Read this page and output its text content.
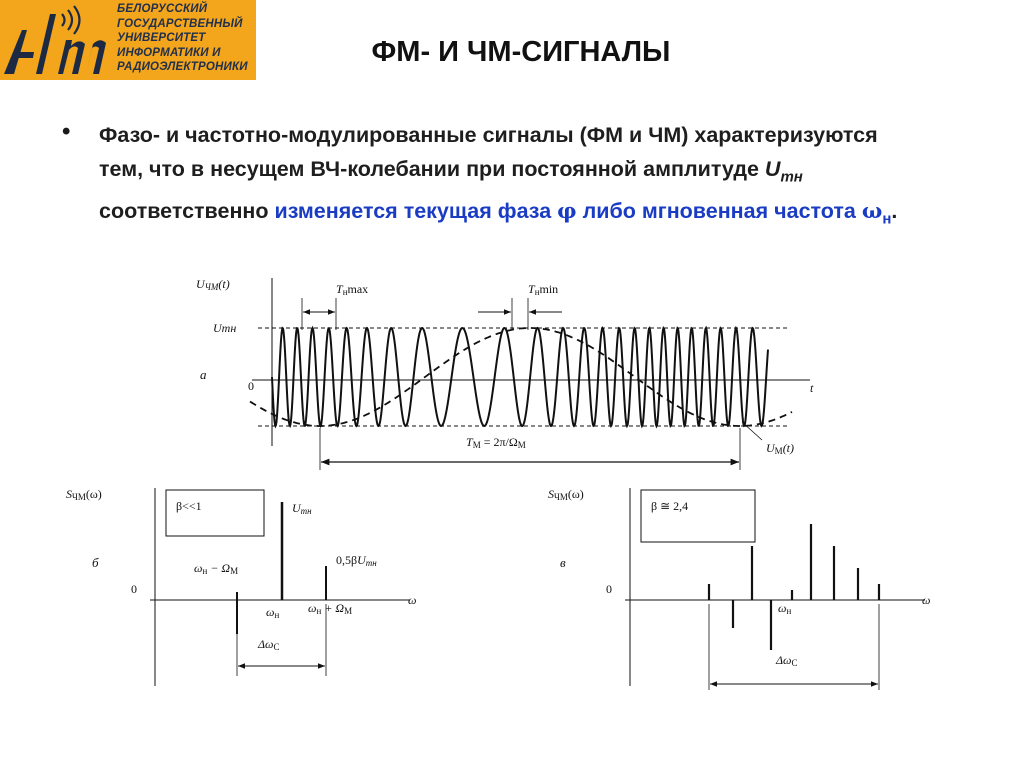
БЕЛОРУССКИЙ
ГОСУДАРСТВЕННЫЙ
УНИВЕРСИТЕТ
ИНФОРМАТИКИ И
РАДИОЭЛЕКТРОНИКИ	ФМ- И ЧМ-СИГНАЛЫ
• Фазо- и частотно-модулированные сигналы (ФМ и ЧМ) характеризуются тем, что в несущем ВЧ-колебании при постоянной амплитуде $U_{mн}$ соответственно изменяется текущая фаза φ либо мгновенная частота $\omega_н$.
UЧМ(t)
Umн
а
0	t
Tнmax	Tнmin
TМ = 2π/ΩМ	UМ(t)
SЧМ(ω)
β<<1
б
0
ω
Umн
0,5βUmн
ωн − ΩМ
ωн ωн + ΩМ
ΔωС
SЧМ(ω)
β ≅ 2,4
в
0
ω
ωн
ΔωС
